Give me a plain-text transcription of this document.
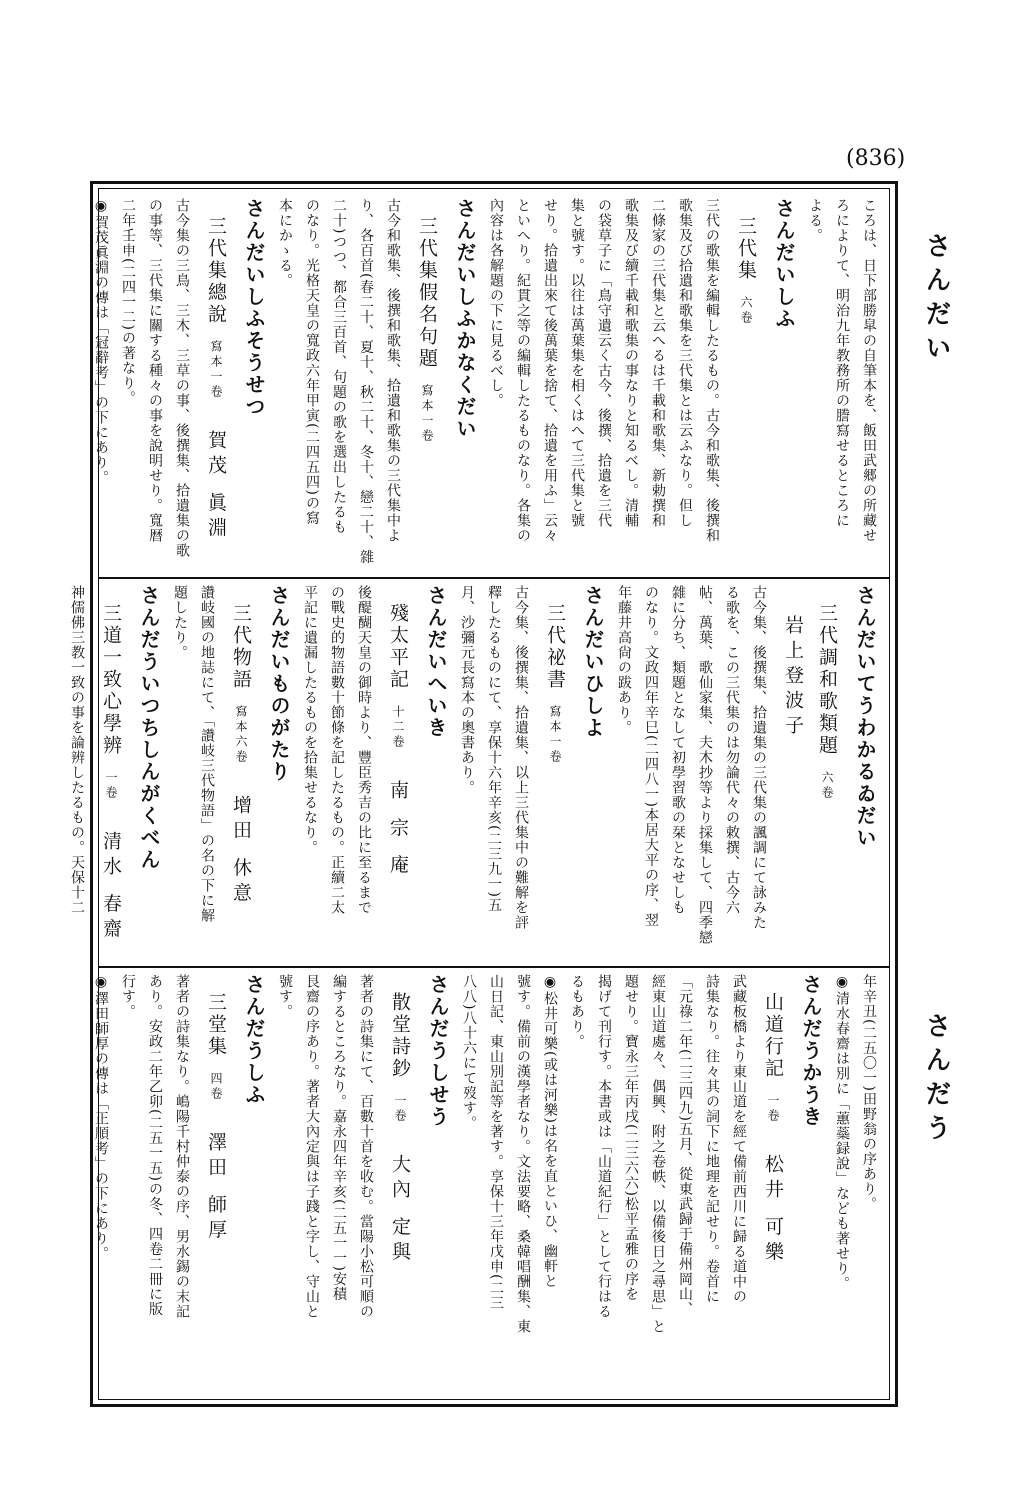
(836)
さんだい
さんだう
ころは、日下部勝皐の自筆本を、飯田武郷の所藏せ
ろによりて、明治九年教務所の謄寫せるところに
よる。
さんだいしふ
三代集六卷
三代の歌集を編輯したるもの。古今和歌集、後撰和
歌集及び拾遺和歌集を三代集とは云ふなり。但し
二條家の三代集と云へるは千載和歌集、新勅撰和
歌集及び續千載和歌集の事なりと知るべし。清輔
の袋草子に「鳥守遺云く古今、後撰、拾遺を三代
集と號す。以往は萬葉集を相くはへて三代集と號
せり。拾遺出來て後萬葉を捨て、拾遺を用ふ」云々
といへり。紀貫之等の編輯したるものなり。各集の
內容は各解題の下に見るべし。
さんだいしふかなくだい
三代集假名句題寫本一卷
古今和歌集、後撰和歌集、拾遺和歌集の三代集中よ
り、各百首(春二十、夏十、秋二十、冬十、戀二十、雜
二十)つつ、都合三百首、句題の歌を選出したるも
のなり。光格天皇の寬政六年甲寅(二四五四)の寫
本にかゝる。
さんだいしふそうせつ
三代集總說寫本一卷賀茂 眞淵
古今集の三鳥、三木、三草の事、後撰集、拾遺集の歌
の事等、三代集に關する種々の事を說明せり。寬暦
二年壬申(二四一二)の著なり。
◉賀茂眞淵の傳は「冠辭考」の下にあり。
さんだいてうわかるゐだい
三代調和歌類題六卷岩上登波子
古今集、後撰集、拾遺集の三代集の諷調にて詠みた
る歌を、この三代集のは勿論代々の敕撰、古今六
帖、萬葉、歌仙家集、夫木抄等より採集して、四季戀
雜に分ち、類題となして初學習歌の栞となせしも
のなり。文政四年辛巳(二四八一)本居大平の序、翌
年藤井高尙の跋あり。
さんだいひしよ
三代祕書寫本一卷
古今集、後撰集、拾遺集、以上三代集中の難解を評
釋したるものにて、享保十六年辛亥(二三九一)五
月、沙彌元長寫本の奧書あり。
さんだいへいき
殘太平記十二卷南 宗 庵
後醍醐天皇の御時より、豐臣秀吉の比に至るまで
の戰史的物語數十節條を記したるもの。正續二太
平記に遺漏したるものを拾集せるなり。
さんだいものがたり
三代物語寫本六卷增田 休意
讚岐國の地誌にて、「讚岐三代物語」の名の下に解
題したり。
さんだういつちしんがくべん
三道一致心學辨一卷清水 春齋
神儒佛三教一致の事を論辨したるもの。天保十二
年辛丑(二五〇一)田野翁の序あり。
◉清水春齋は別に「蕙蘂録說」なども著せり。
さんだうかうき
山道行記一卷松井 可樂
武藏板橋より東山道を經て備前西川に歸る道中の
詩集なり。往々其の詞下に地理を記せり。卷首に
「元祿二年(二三四九)五月、從東武歸于備州岡山、
經東山道處々、偶興、附之卷帙、以備後日之尋思」と
題せり。寶永三年丙戌(二三六六)松平孟雅の序を
揭げて刊行す。本書或は「山道紀行」として行はる
るもあり。
◉松井可樂(或は河樂)は名を直といひ、幽軒と
號す。備前の漢學者なり。文法要略、桑韓唱酬集、東
山日記、東山別記等を著す。享保十三年戊申(二三
八八)八十六にて歿す。
さんだうしせう
散堂詩鈔一卷大內 定與
著者の詩集にて、百數十首を收む。當陽小松可順の
編するところなり。嘉永四年辛亥(二五一一)安積
艮齋の序あり。著者大內定與は子踐と字し、守山と
號す。
さんだうしふ
三堂集四卷澤田 師厚
著者の詩集なり。嶋陽千村仲泰の序、男水錫の末記
あり。安政二年乙卯(二五一五)の冬、四卷二冊に版
行す。
◉澤田師厚の傳は「正順考」の下にあり。
